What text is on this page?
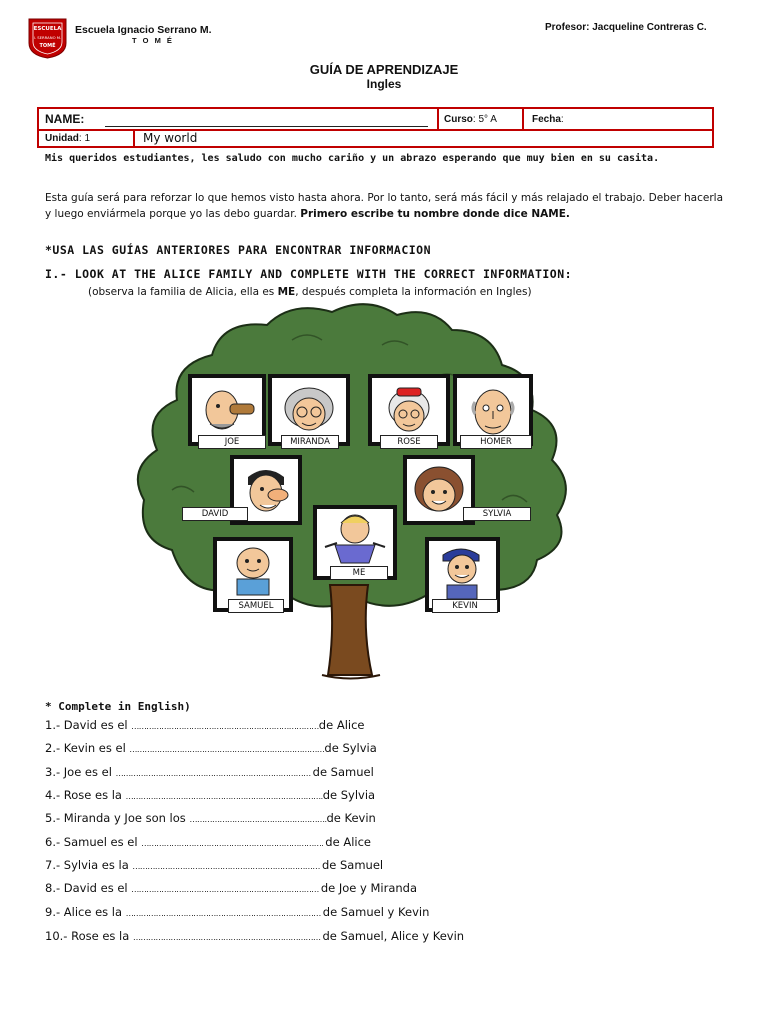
ESCUELA
I. SERRANO M.
TOMÉ
Escuela Ignacio Serrano M.
T O M É
Profesor: Jacqueline Contreras C.
GUÍA DE APRENDIZAJE
Ingles
NAME:	Curso: 5° A	Fecha:
Unidad: 1	My world
Mis queridos estudiantes, les saludo con mucho cariño y un abrazo esperando que muy bien en su casita.
Esta guía será para reforzar lo que hemos visto hasta ahora. Por lo tanto, será más fácil y más relajado el trabajo. Deber hacerla y luego enviármela porque yo las debo guardar. Primero escribe tu nombre donde dice NAME.
*USA LAS GUÍAS ANTERIORES PARA ENCONTRAR INFORMACION
I.- LOOK AT THE ALICE FAMILY AND COMPLETE WITH THE CORRECT INFORMATION:
(observa la familia de Alicia, ella es ME, después completa la información en Ingles)
JOE	MIRANDA	ROSE	HOMER
DAVID	SYLVIA
ME
SAMUEL	KEVIN
* Complete in English)
1.- David es el …………………………………………………………………de Alice
2.- Kevin es el ……………………………………………………………………de Sylvia
3.- Joe es el …………………………………………………………………… de Samuel
4.- Rose es la …………………………………………………………………….de Sylvia
5.- Miranda y Joe son los ……………………………………………….de Kevin
6.- Samuel es el ………………………………………………………………. de Alice
7.- Sylvia es la ………………………………………………………………… de Samuel
8.- David es el ………………………………………………………………… de Joe y Miranda
9.- Alice es la …………………………………………………………………… de Samuel y Kevin
10.- Rose es la ………………………………………………………………… de Samuel, Alice y Kevin
